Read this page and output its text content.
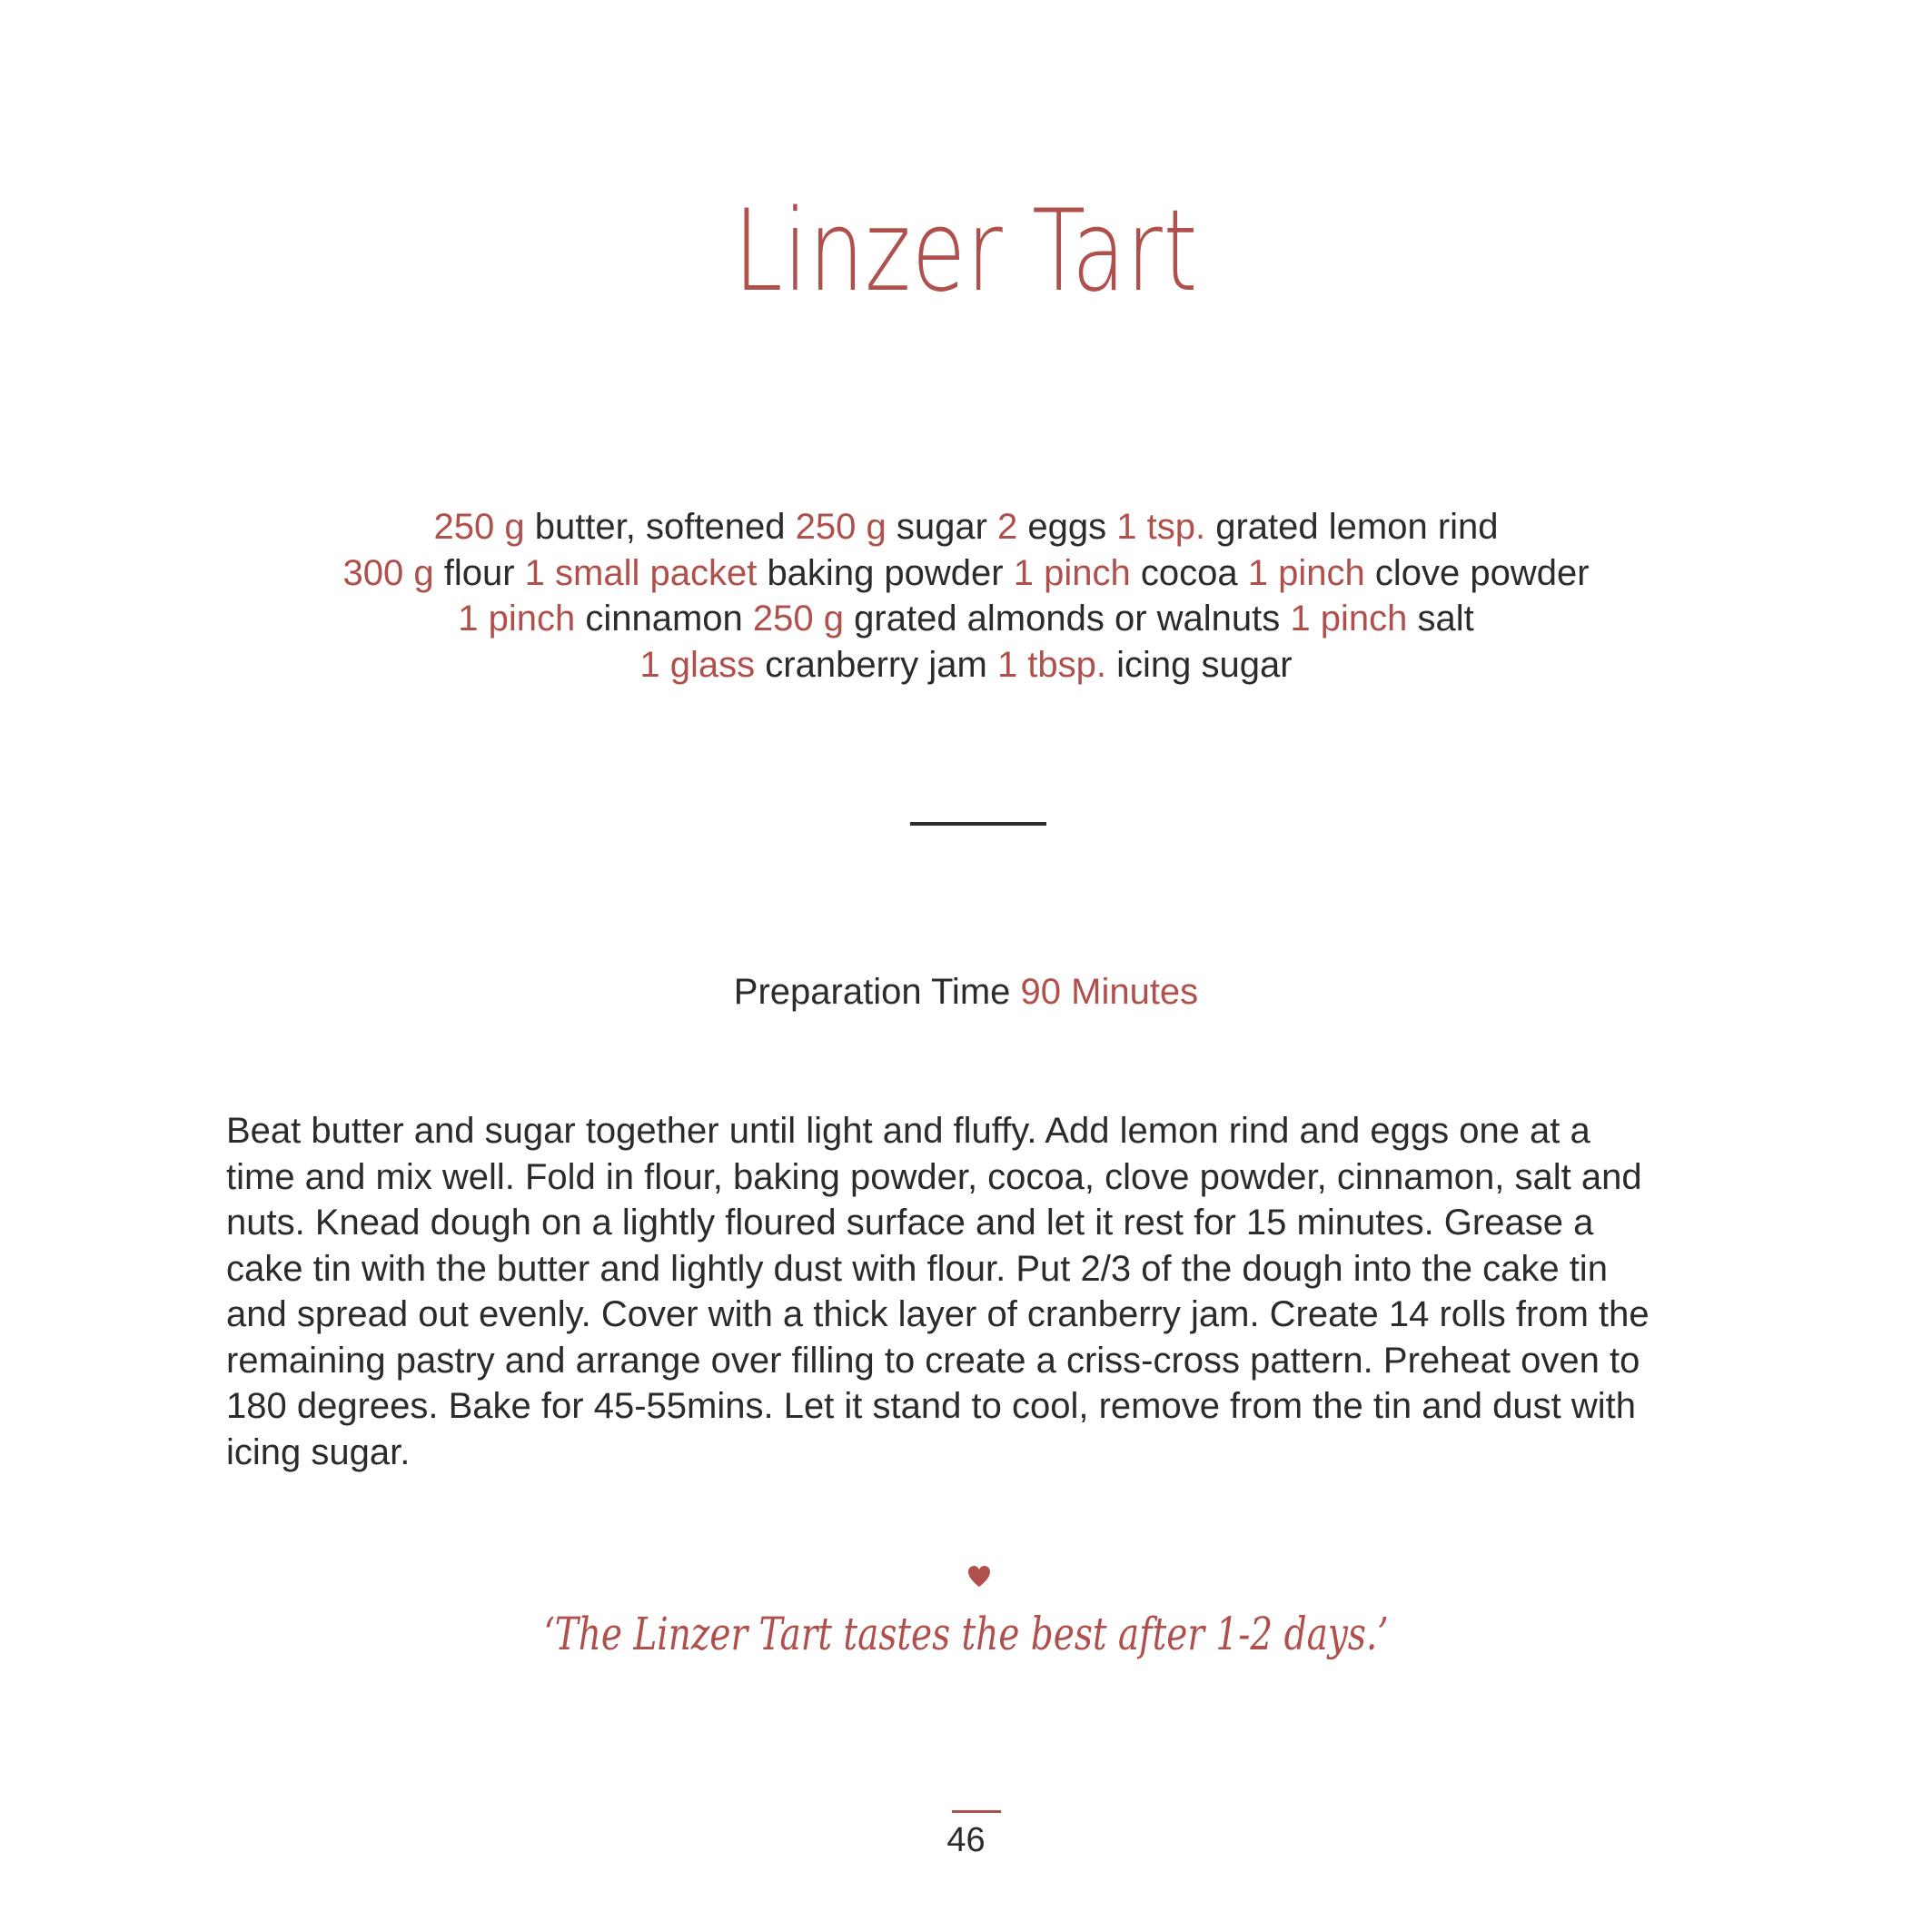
Linzer Tart
250 g butter, softened 250 g sugar 2 eggs 1 tsp. grated lemon rind
300 g flour 1 small packet baking powder 1 pinch cocoa 1 pinch clove powder
1 pinch cinnamon 250 g grated almonds or walnuts 1 pinch salt
1 glass cranberry jam 1 tbsp. icing sugar
Preparation Time 90 Minutes
Beat butter and sugar together until light and fluffy. Add lemon rind and eggs one at a
time and mix well. Fold in flour, baking powder, cocoa, clove powder, cinnamon, salt and
nuts. Knead dough on a lightly floured surface and let it rest for 15 minutes. Grease a
cake tin with the butter and lightly dust with flour. Put 2/3 of the dough into the cake tin
and spread out evenly. Cover with a thick layer of cranberry jam. Create 14 rolls from the
remaining pastry and arrange over filling to create a criss-cross pattern. Preheat oven to
180 degrees. Bake for 45-55mins. Let it stand to cool, remove from the tin and dust with
icing sugar.
‘The Linzer Tart tastes the best after 1-2 days.’
46
